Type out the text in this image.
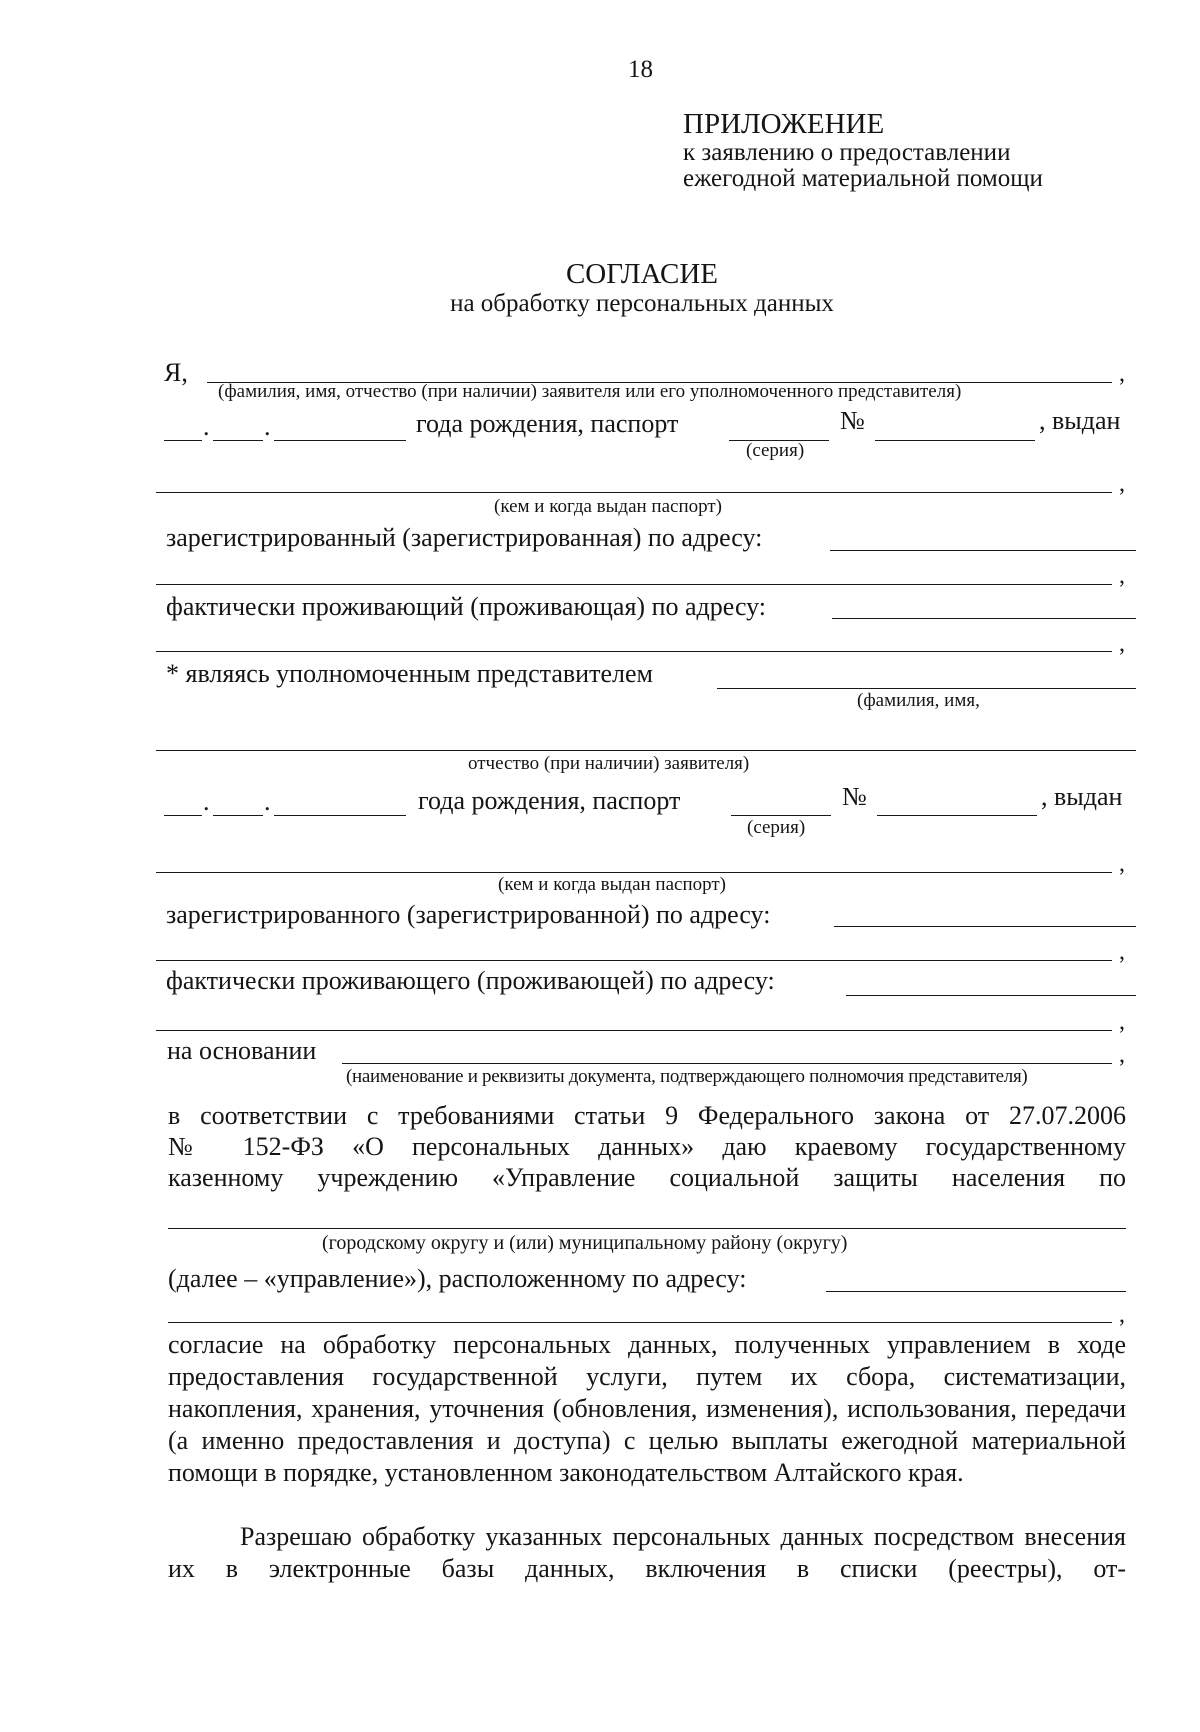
18
ПРИЛОЖЕНИЕ
к заявлению о предоставлении
ежегодной материальной помощи
СОГЛАСИЕ
на обработку персональных данных
Я,	,
(фамилия, имя, отчество (при наличии) заявителя или его уполномоченного представителя)
. .	года рождения, паспорт	№	, выдан
(серия)
,
(кем и когда выдан паспорт)
зарегистрированный (зарегистрированная) по адресу:
,
фактически проживающий (проживающая) по адресу:
,
* являясь уполномоченным представителем
(фамилия, имя,
отчество (при наличии) заявителя)
. .	года рождения, паспорт	№	, выдан
(серия)
,
(кем и когда выдан паспорт)
зарегистрированного (зарегистрированной) по адресу:
,
фактически проживающего (проживающей) по адресу:
,
на основании	,
(наименование и реквизиты документа, подтверждающего полномочия представителя)
в соответствии с требованиями статьи 9 Федерального закона от 27.07.2006
№ 152-ФЗ «О персональных данных» даю краевому государственному
казенному учреждению «Управление социальной защиты населения по
(городскому округу и (или) муниципальному району (округу)
(далее – «управление»), расположенному по адресу:
,
согласие на обработку персональных данных, полученных управлением в ходе предоставления государственной услуги, путем их сбора, систематизации, накопления, хранения, уточнения (обновления, изменения), использования, передачи (а именно предоставления и доступа) с целью выплаты ежегодной материальной помощи в порядке, установленном законодательством Алтайского края.
Разрешаю обработку указанных персональных данных посредством внесения их в электронные базы данных, включения в списки (реестры), от-
